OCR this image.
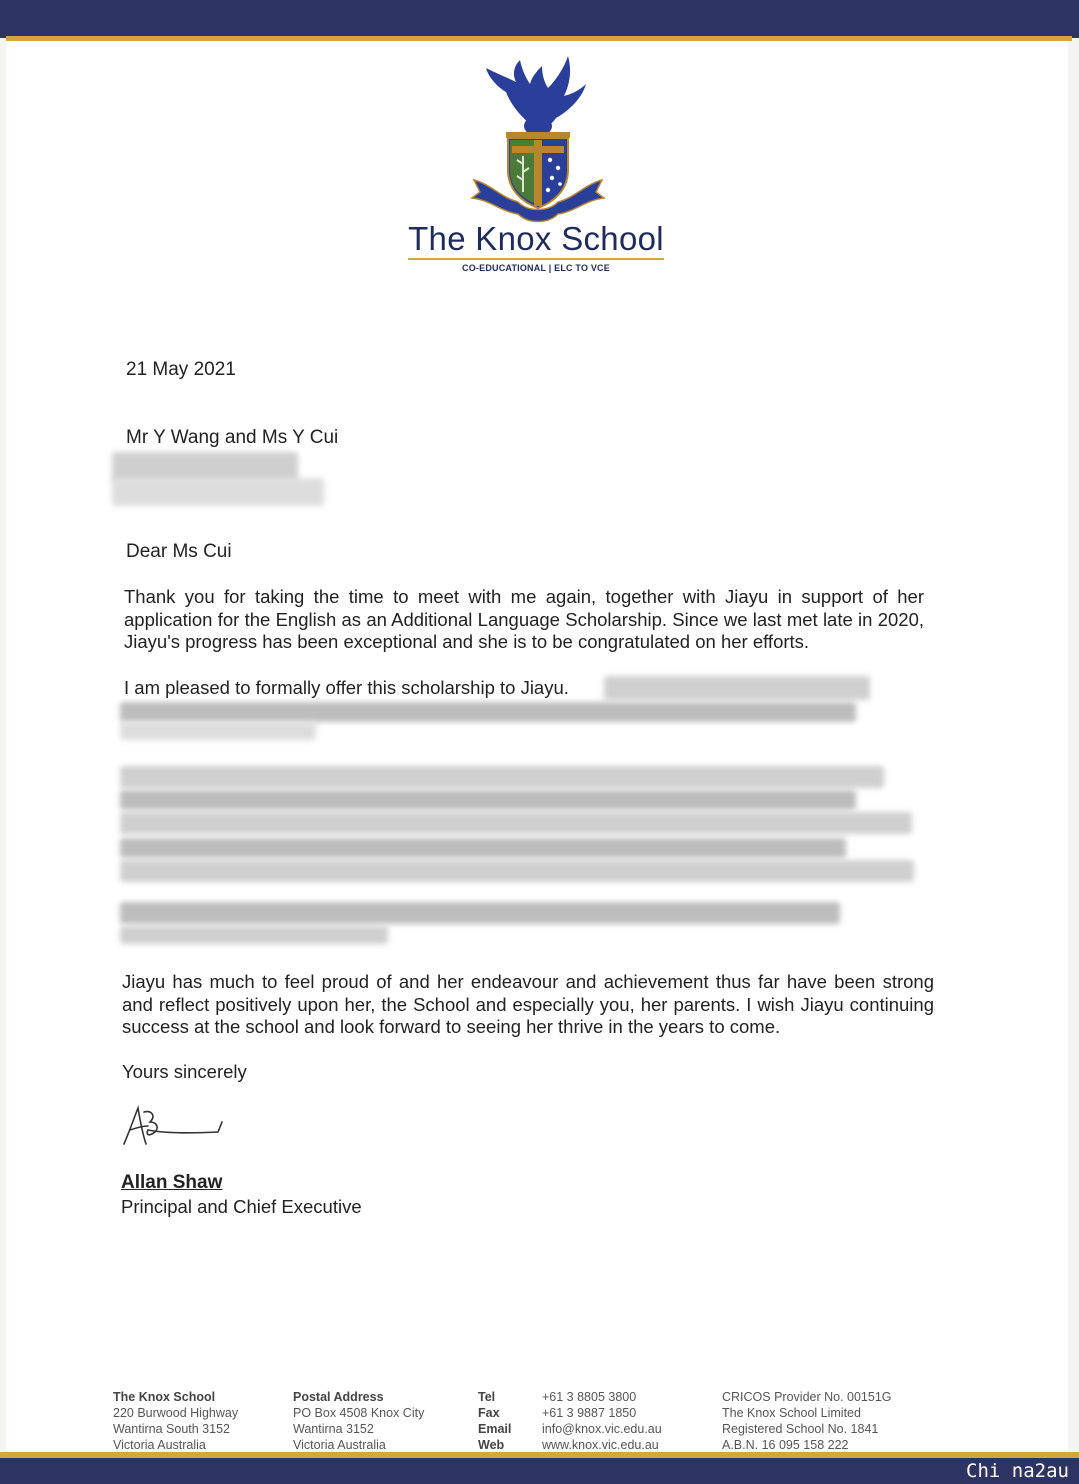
The Knox School
CO-EDUCATIONAL | ELC TO VCE
21 May 2021
Mr Y Wang and Ms Y Cui
Dear Ms Cui
Thank you for taking the time to meet with me again, together with Jiayu in support of her application for the English as an Additional Language Scholarship. Since we last met late in 2020, Jiayu's progress has been exceptional and she is to be congratulated on her efforts.
I am pleased to formally offer this scholarship to Jiayu.
Jiayu has much to feel proud of and her endeavour and achievement thus far have been strong and reflect positively upon her, the School and especially you, her parents. I wish Jiayu continuing success at the school and look forward to seeing her thrive in the years to come.
Yours sincerely
Allan Shaw
Principal and Chief Executive
The Knox School
220 Burwood Highway
Wantirna South 3152
Victoria Australia
Postal Address
PO Box 4508 Knox City
Wantirna 3152
Victoria Australia
Tel
Fax
Email
Web
+61 3 8805 3800
+61 3 9887 1850
info@knox.vic.edu.au
www.knox.vic.edu.au
CRICOS Provider No. 00151G
The Knox School Limited
Registered School No. 1841
A.B.N. 16 095 158 222
Chi na2au
